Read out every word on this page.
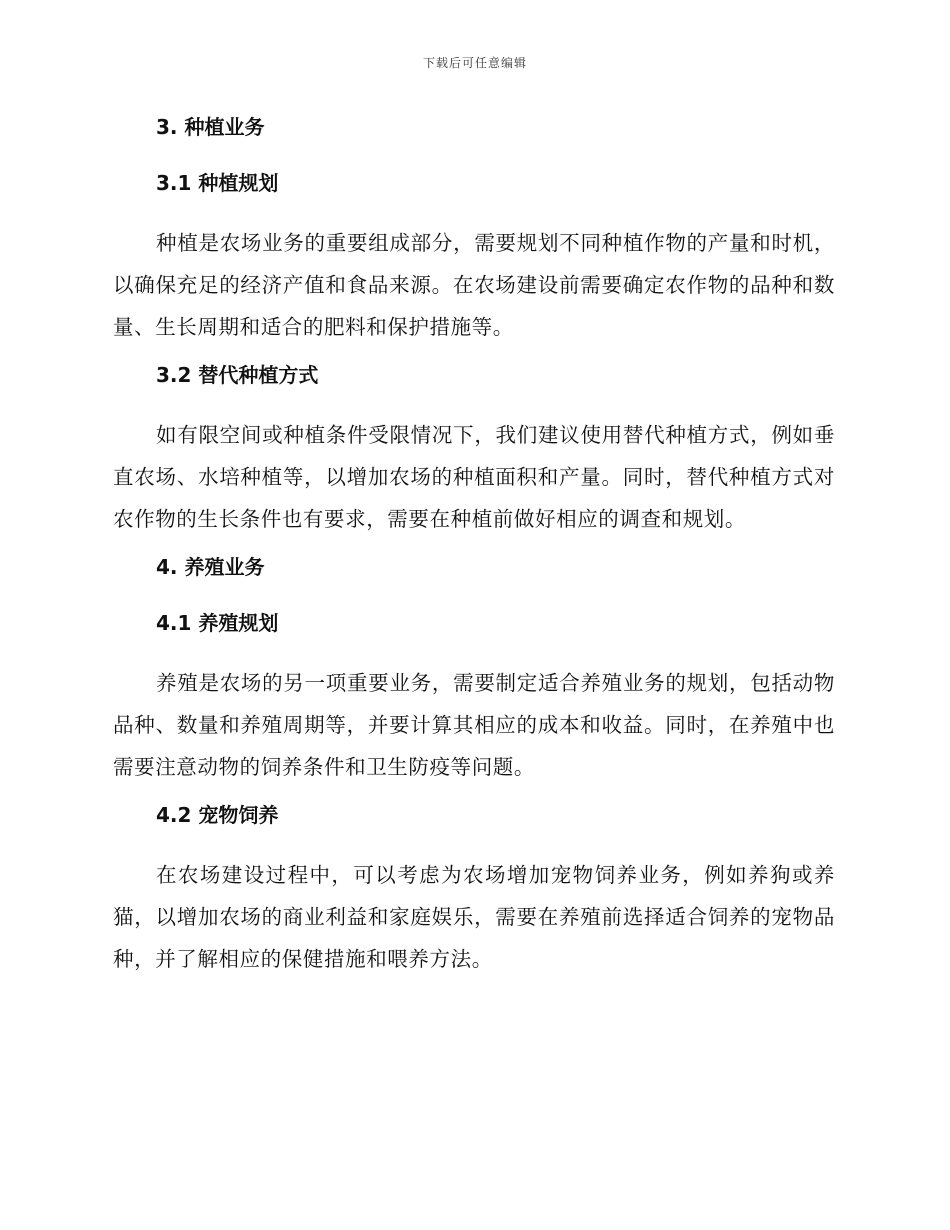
下载后可任意编辑
3. 种植业务
3.1 种植规划

种植是农场业务的重要组成部分，需要规划不同种植作物的产量和时机，以确保充足的经济产值和食品来源。在农场建设前需要确定农作物的品种和数量、生长周期和适合的肥料和保护措施等。

3.2 替代种植方式

如有限空间或种植条件受限情况下，我们建议使用替代种植方式，例如垂直农场、水培种植等，以增加农场的种植面积和产量。同时，替代种植方式对农作物的生长条件也有要求，需要在种植前做好相应的调查和规划。

4. 养殖业务
4.1 养殖规划

养殖是农场的另一项重要业务，需要制定适合养殖业务的规划，包括动物品种、数量和养殖周期等，并要计算其相应的成本和收益。同时，在养殖中也需要注意动物的饲养条件和卫生防疫等问题。

4.2 宠物饲养

在农场建设过程中，可以考虑为农场增加宠物饲养业务，例如养狗或养猫，以增加农场的商业利益和家庭娱乐，需要在养殖前选择适合饲养的宠物品种，并了解相应的保健措施和喂养方法。
